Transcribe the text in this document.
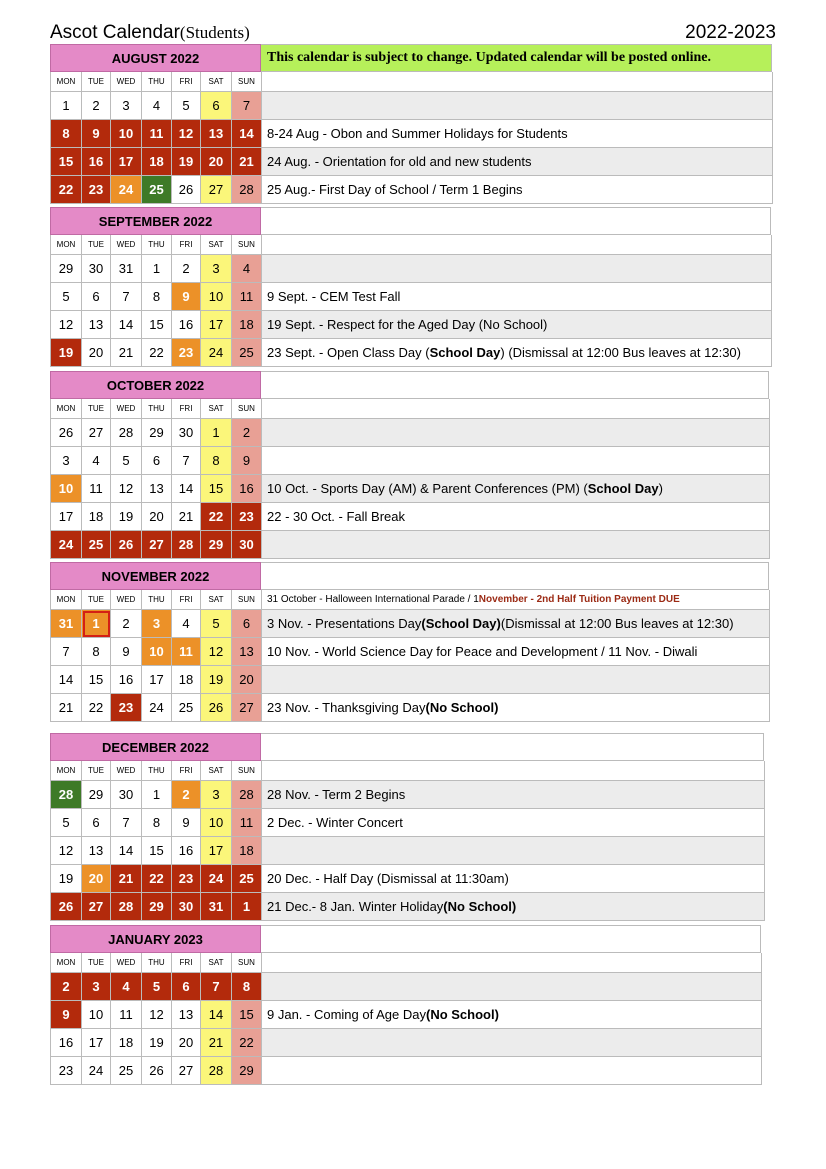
Ascot Calendar(Students)	2022-2023
AUGUST 2022	This calendar is subject to change. Updated calendar will be posted online.
MON	TUE	WED	THU	FRI	SAT	SUN
1	2	3	4	5	6	7
8	9	10	11	12	13	14	8-24 Aug - Obon and Summer Holidays for Students
15	16	17	18	19	20	21	24 Aug. - Orientation for old and new students
22	23	24	25	26	27	28	25 Aug.- First Day of School / Term 1 Begins
SEPTEMBER 2022
MON	TUE	WED	THU	FRI	SAT	SUN
29	30	31	1	2	3	4
5	6	7	8	9	10	11	9 Sept. - CEM Test Fall
12	13	14	15	16	17	18	19 Sept. - Respect for the Aged Day (No School)
19	20	21	22	23	24	25	23 Sept. - Open Class Day ( School Day ) (Dismissal at 12:00 Bus leaves at 12:30)
OCTOBER 2022
MON	TUE	WED	THU	FRI	SAT	SUN
26	27	28	29	30	1	2
3	4	5	6	7	8	9
10	11	12	13	14	15	16	10 Oct. - Sports Day (AM) & Parent Conferences (PM) ( School Day )
17	18	19	20	21	22	23	22 - 30 Oct. - Fall Break
24	25	26	27	28	29	30
NOVEMBER 2022
MON	TUE	WED	THU	FRI	SAT	SUN	31 October - Halloween International Parade / 1 November - 2nd Half Tuition Payment DUE
31	1	2	3	4	5	6	3 Nov. - Presentations Day (School Day) (Dismissal at 12:00 Bus leaves at 12:30)
7	8	9	10	11	12	13	10 Nov. - World Science Day for Peace and Development / 11 Nov. - Diwali
14	15	16	17	18	19	20
21	22	23	24	25	26	27	23 Nov. - Thanksgiving Day (No School)
DECEMBER 2022
MON	TUE	WED	THU	FRI	SAT	SUN
28	29	30	1	2	3	28	28 Nov. - Term 2 Begins
5	6	7	8	9	10	11	2 Dec. - Winter Concert
12	13	14	15	16	17	18
19	20	21	22	23	24	25	20 Dec. - Half Day (Dismissal at 11:30am)
26	27	28	29	30	31	1	21 Dec.- 8 Jan. Winter Holiday (No School)
JANUARY 2023
MON	TUE	WED	THU	FRI	SAT	SUN
2	3	4	5	6	7	8
9	10	11	12	13	14	15	9 Jan. - Coming of Age Day (No School)
16	17	18	19	20	21	22
23	24	25	26	27	28	29
